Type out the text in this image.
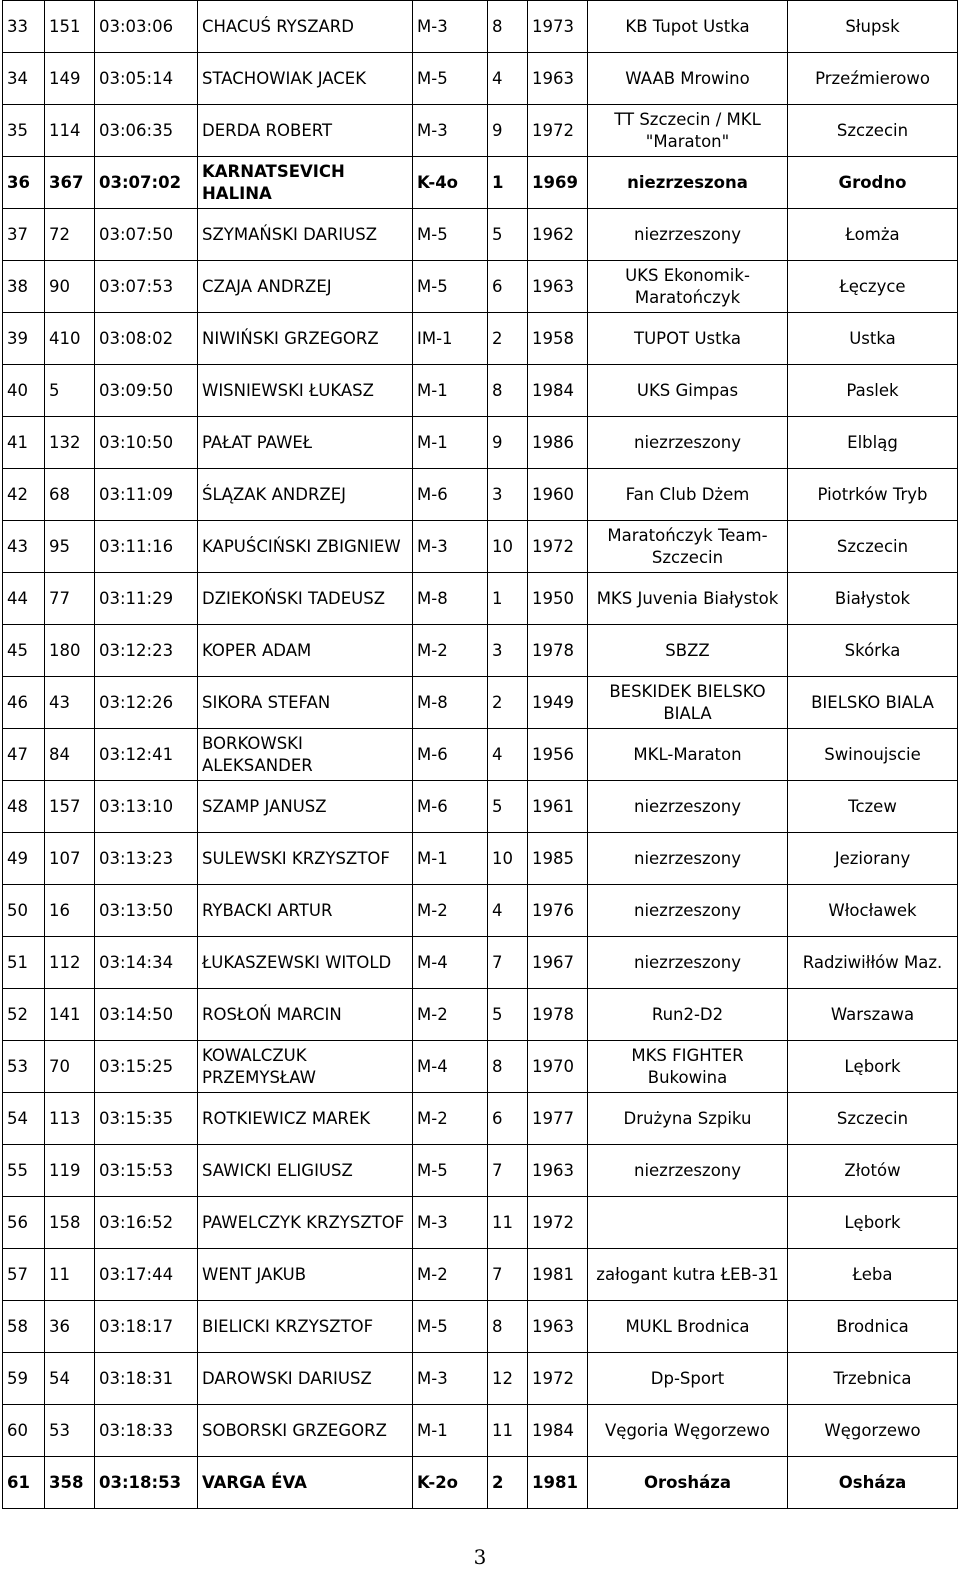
33	151	03:03:06	CHACUŚ RYSZARD	M-3	8	1973	KB Tupot Ustka	Słupsk
34	149	03:05:14	STACHOWIAK JACEK	M-5	4	1963	WAAB Mrowino	Przeźmierowo
35	114	03:06:35	DERDA ROBERT	M-3	9	1972	TT Szczecin / MKL "Maraton"	Szczecin
36	367	03:07:02	KARNATSEVICH HALINA	K-4o	1	1969	niezrzeszona	Grodno
37	72	03:07:50	SZYMAŃSKI DARIUSZ	M-5	5	1962	niezrzeszony	Łomża
38	90	03:07:53	CZAJA ANDRZEJ	M-5	6	1963	UKS Ekonomik-Maratończyk	Łęczyce
39	410	03:08:02	NIWIŃSKI GRZEGORZ	IM-1	2	1958	TUPOT Ustka	Ustka
40	5	03:09:50	WISNIEWSKI ŁUKASZ	M-1	8	1984	UKS Gimpas	Paslek
41	132	03:10:50	PAŁAT PAWEŁ	M-1	9	1986	niezrzeszony	Elbląg
42	68	03:11:09	ŚLĄZAK ANDRZEJ	M-6	3	1960	Fan Club Dżem	Piotrków Tryb
43	95	03:11:16	KAPUŚCIŃSKI ZBIGNIEW	M-3	10	1972	Maratończyk Team-Szczecin	Szczecin
44	77	03:11:29	DZIEKOŃSKI TADEUSZ	M-8	1	1950	MKS Juvenia Białystok	Białystok
45	180	03:12:23	KOPER ADAM	M-2	3	1978	SBZZ	Skórka
46	43	03:12:26	SIKORA STEFAN	M-8	2	1949	BESKIDEK BIELSKO BIALA	BIELSKO BIALA
47	84	03:12:41	BORKOWSKI ALEKSANDER	M-6	4	1956	MKL-Maraton	Swinoujscie
48	157	03:13:10	SZAMP JANUSZ	M-6	5	1961	niezrzeszony	Tczew
49	107	03:13:23	SULEWSKI KRZYSZTOF	M-1	10	1985	niezrzeszony	Jeziorany
50	16	03:13:50	RYBACKI ARTUR	M-2	4	1976	niezrzeszony	Włocławek
51	112	03:14:34	ŁUKASZEWSKI WITOLD	M-4	7	1967	niezrzeszony	Radziwiłłów Maz.
52	141	03:14:50	ROSŁOŃ MARCIN	M-2	5	1978	Run2-D2	Warszawa
53	70	03:15:25	KOWALCZUK PRZEMYSŁAW	M-4	8	1970	MKS FIGHTER Bukowina	Lębork
54	113	03:15:35	ROTKIEWICZ MAREK	M-2	6	1977	Drużyna Szpiku	Szczecin
55	119	03:15:53	SAWICKI ELIGIUSZ	M-5	7	1963	niezrzeszony	Złotów
56	158	03:16:52	PAWELCZYK KRZYSZTOF	M-3	11	1972		Lębork
57	11	03:17:44	WENT JAKUB	M-2	7	1981	załogant kutra ŁEB-31	Łeba
58	36	03:18:17	BIELICKI KRZYSZTOF	M-5	8	1963	MUKL Brodnica	Brodnica
59	54	03:18:31	DAROWSKI DARIUSZ	M-3	12	1972	Dp-Sport	Trzebnica
60	53	03:18:33	SOBORSKI GRZEGORZ	M-1	11	1984	Vęgoria Węgorzewo	Węgorzewo
61	358	03:18:53	VARGA ÉVA	K-2o	2	1981	Orosháza	Osháza
3
